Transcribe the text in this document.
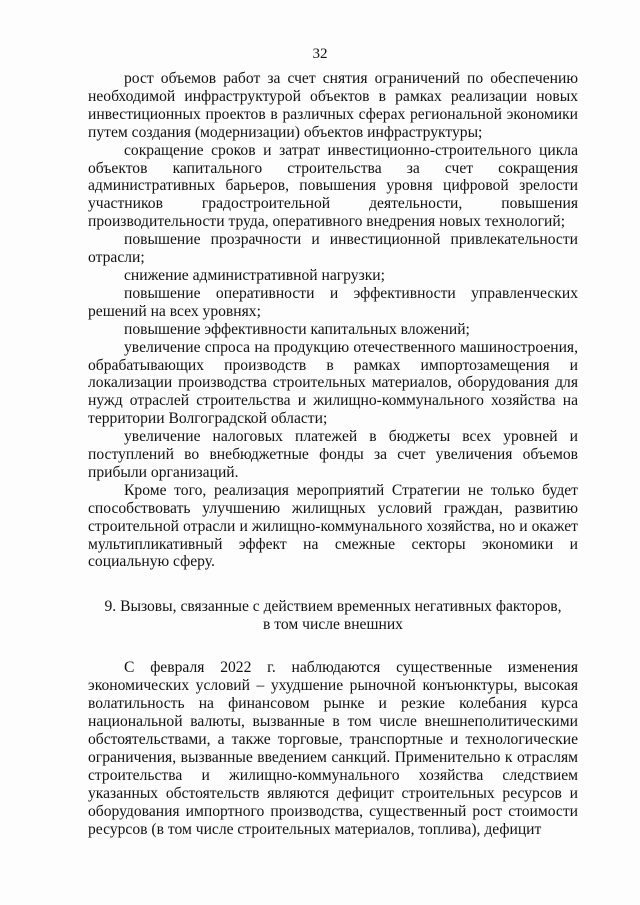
32

рост объемов работ за счет снятия ограничений по обеспечению необходимой инфраструктурой объектов в рамках реализации новых инвестиционных проектов в различных сферах региональной экономики путем создания (модернизации) объектов инфраструктуры;

сокращение сроков и затрат инвестиционно-строительного цикла объектов капитального строительства за счет сокращения административных барьеров, повышения уровня цифровой зрелости участников градостроительной деятельности, повышения производительности труда, оперативного внедрения новых технологий;

повышение прозрачности и инвестиционной привлекательности отрасли;

снижение административной нагрузки;

повышение оперативности и эффективности управленческих решений на всех уровнях;

повышение эффективности капитальных вложений;

увеличение спроса на продукцию отечественного машиностроения, обрабатывающих производств в рамках импортозамещения и локализации производства строительных материалов, оборудования для нужд отраслей строительства и жилищно-коммунального хозяйства на территории Волгоградской области;

увеличение налоговых платежей в бюджеты всех уровней и поступлений во внебюджетные фонды за счет увеличения объемов прибыли организаций.

Кроме того, реализация мероприятий Стратегии не только будет способствовать улучшению жилищных условий граждан, развитию строительной отрасли и жилищно-коммунального хозяйства, но и окажет мультипликативный эффект на смежные секторы экономики и социальную сферу.

9. Вызовы, связанные с действием временных негативных факторов,
в том числе внешних

С февраля 2022 г. наблюдаются существенные изменения экономических условий – ухудшение рыночной конъюнктуры, высокая волатильность на финансовом рынке и резкие колебания курса национальной валюты, вызванные в том числе внешнеполитическими обстоятельствами, а также торговые, транспортные и технологические ограничения, вызванные введением санкций. Применительно к отраслям строительства и жилищно-коммунального хозяйства следствием указанных обстоятельств являются дефицит строительных ресурсов и оборудования импортного производства, существенный рост стоимости ресурсов (в том числе строительных материалов, топлива), дефицит
